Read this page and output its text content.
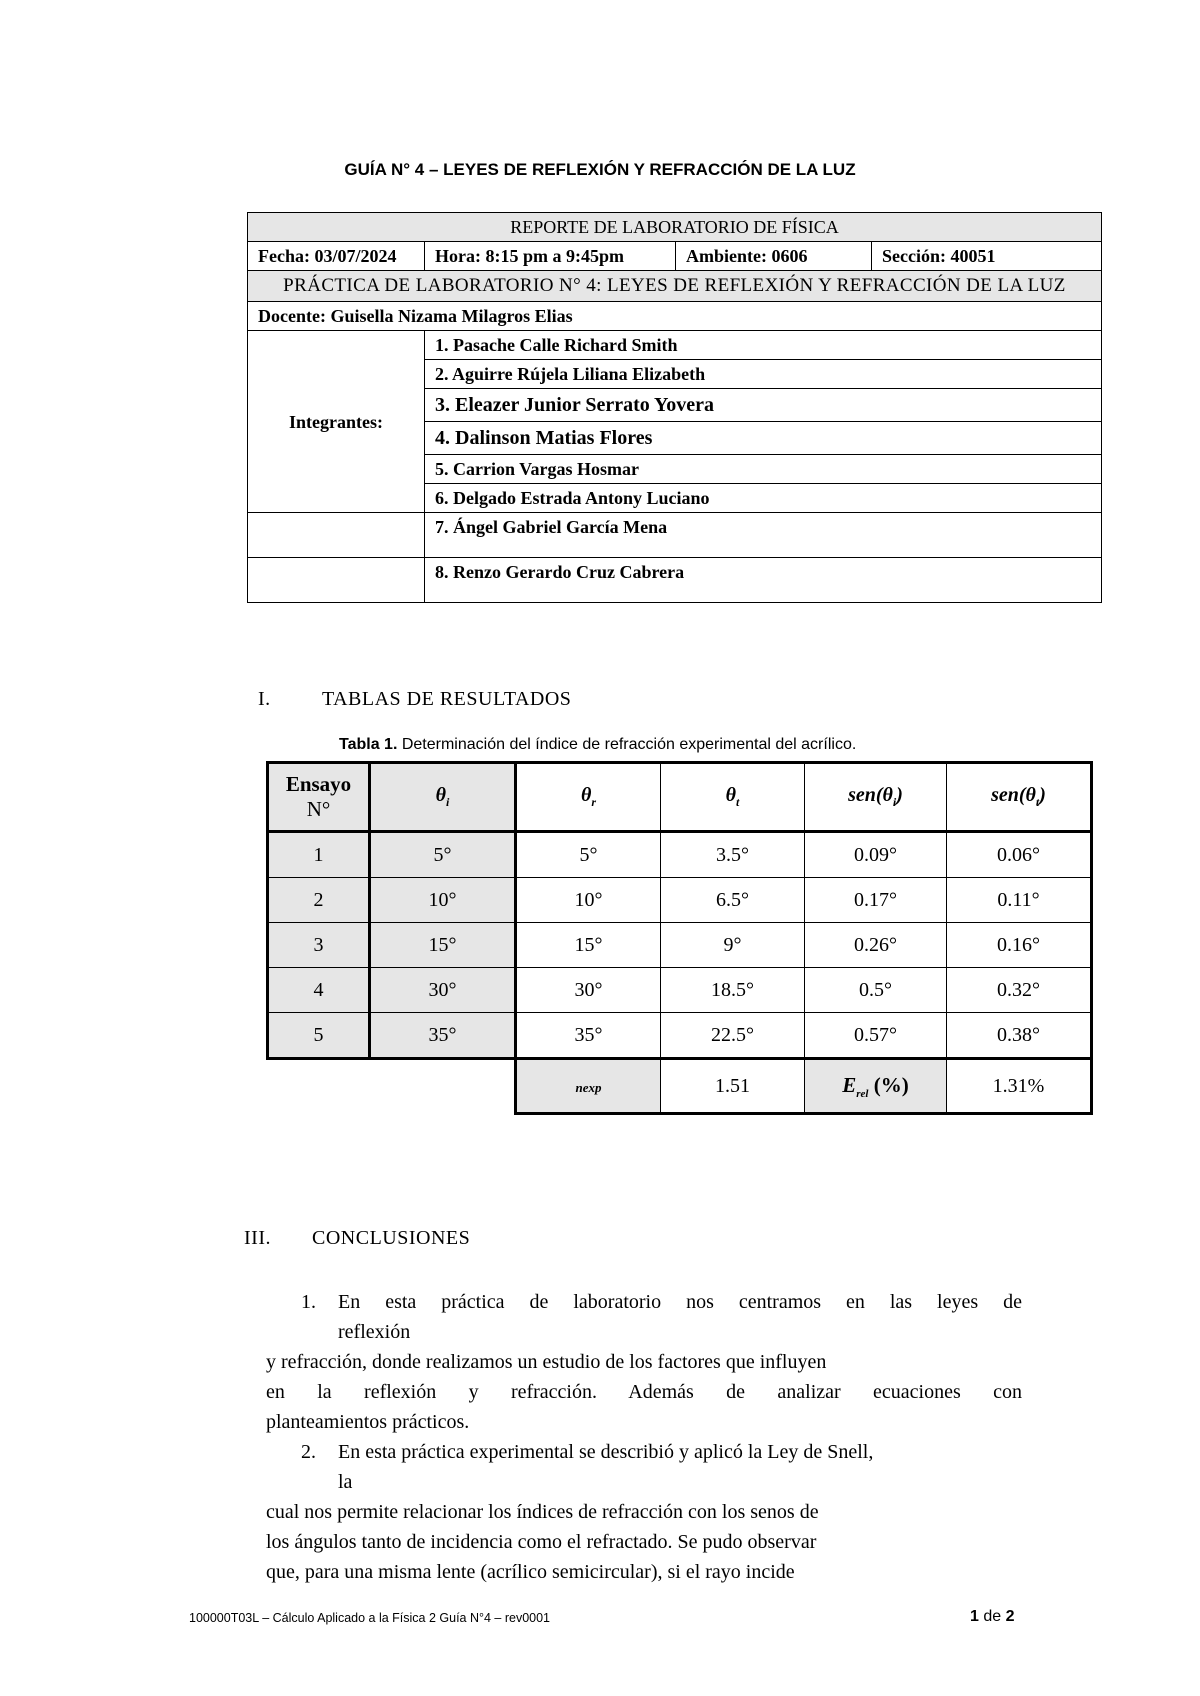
GUÍA N° 4 – LEYES DE REFLEXIÓN Y REFRACCIÓN DE LA LUZ
REPORTE DE LABORATORIO DE FÍSICA			
Fecha: 03/07/2024	Hora: 8:15 pm a 9:45pm	Ambiente: 0606	Sección: 40051
PRÁCTICA DE LABORATORIO N° 4: LEYES DE REFLEXIÓN Y REFRACCIÓN DE LA LUZ			
Docente: Guisella Nizama Milagros Elias			
Integrantes:	1. Pasache Calle Richard Smith		
	2. Aguirre Rújela Liliana Elizabeth		
	3. Eleazer Junior Serrato Yovera		
	4. Dalinson Matias Flores		
	5. Carrion Vargas Hosmar		
	6. Delgado Estrada Antony Luciano		
	7. Ángel Gabriel García Mena		
	8. Renzo Gerardo Cruz Cabrera		
I.	TABLAS DE RESULTADOS
Tabla 1. Determinación del índice de refracción experimental del acrílico.
Ensayo
N°	$\theta_i$	$\theta_r$	$\theta_t$	$sen(\theta_i)$	$sen(\theta_t)$
1	5°	5°	3.5°	0.09°	0.06°
2	10°	10°	6.5°	0.17°	0.11°
3	15°	15°	9°	0.26°	0.16°
4	30°	30°	18.5°	0.5°	0.32°
5	35°	35°	22.5°	0.57°	0.38°
		nexp	1.51	$E_{rel}$ (%)	1.31%
III. CONCLUSIONES
1. En esta práctica de laboratorio nos centramos en las leyes de
reflexión
y refracción, donde realizamos un estudio de los factores que influyen
en la reflexión y refracción. Además de analizar ecuaciones con
planteamientos prácticos.
2. En esta práctica experimental se describió y aplicó la Ley de Snell,
la
cual nos permite relacionar los índices de refracción con los senos de
los ángulos tanto de incidencia como el refractado. Se pudo observar
que, para una misma lente (acrílico semicircular), si el rayo incide
100000T03L – Cálculo Aplicado a la Física 2 Guía N°4 – rev0001	1 de 2
